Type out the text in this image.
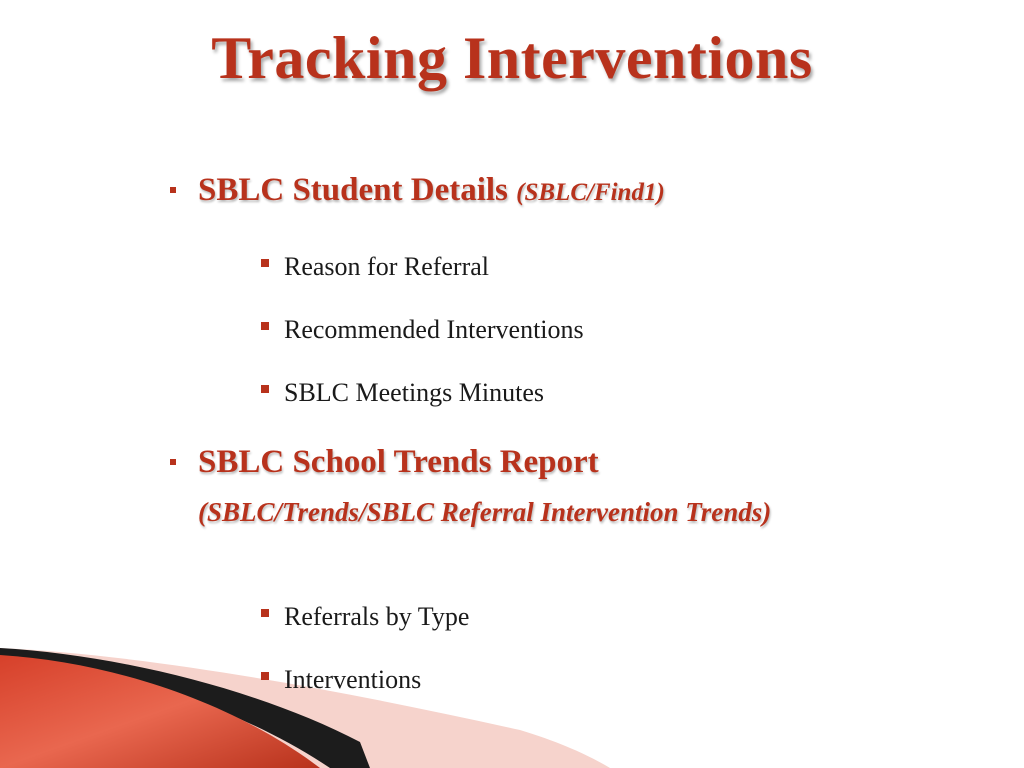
Tracking Interventions
SBLC Student Details (SBLC/Find1)
Reason for Referral
Recommended Interventions
SBLC Meetings Minutes
SBLC School Trends Report
(SBLC/Trends/SBLC Referral Intervention Trends)
Referrals by Type
Interventions
